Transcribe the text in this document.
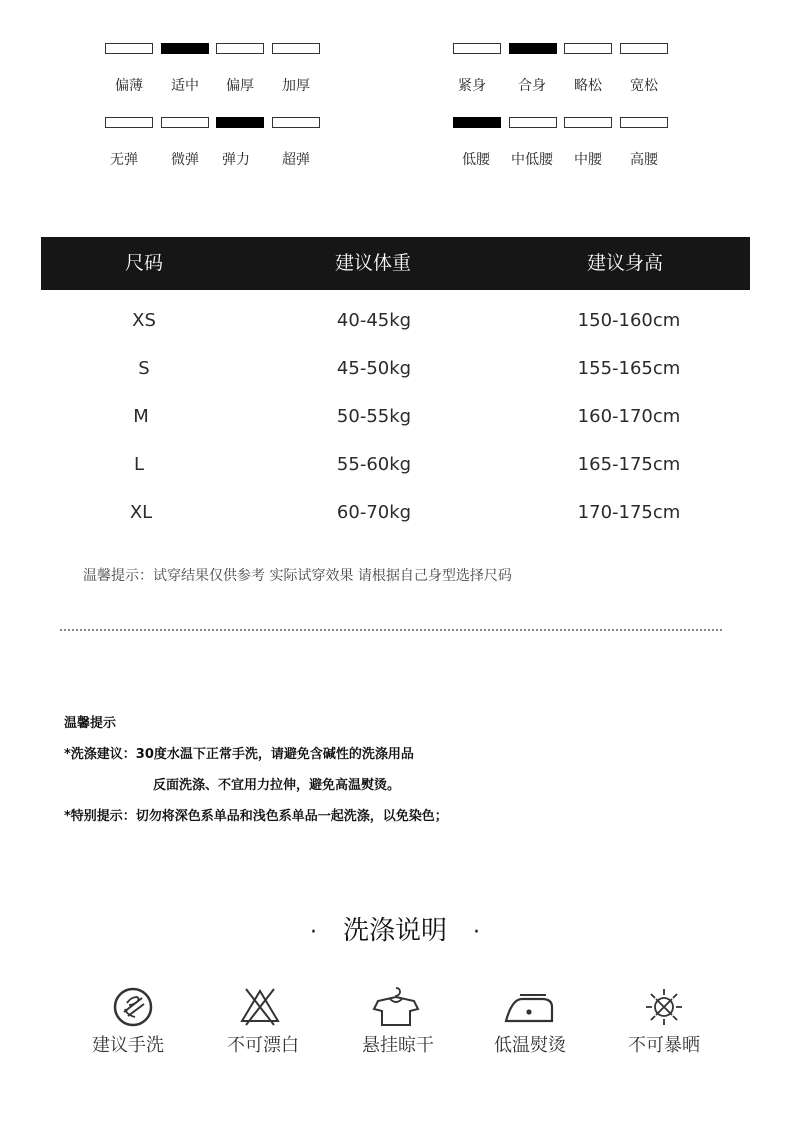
偏薄	适中	偏厚	加厚
无弹	微弹	弹力	超弹
紧身	合身	略松	宽松
低腰	中低腰	中腰	高腰
尺码	建议体重	建议身高
XS	40-45kg	150-160cm
S	45-50kg	155-165cm
M	50-55kg	160-170cm
L	55-60kg	165-175cm
XL	60-70kg	170-175cm
温馨提示：试穿结果仅供参考 实际试穿效果 请根据自己身型选择尺码
温馨提示
*洗涤建议：30度水温下正常手洗，请避免含碱性的洗涤用品
反面洗涤、不宜用力拉伸，避免高温熨烫。
*特别提示：切勿将深色系单品和浅色系单品一起洗涤，以免染色；
· 洗涤说明 ·
建议手洗	不可漂白	悬挂晾干	低温熨烫	不可暴晒
